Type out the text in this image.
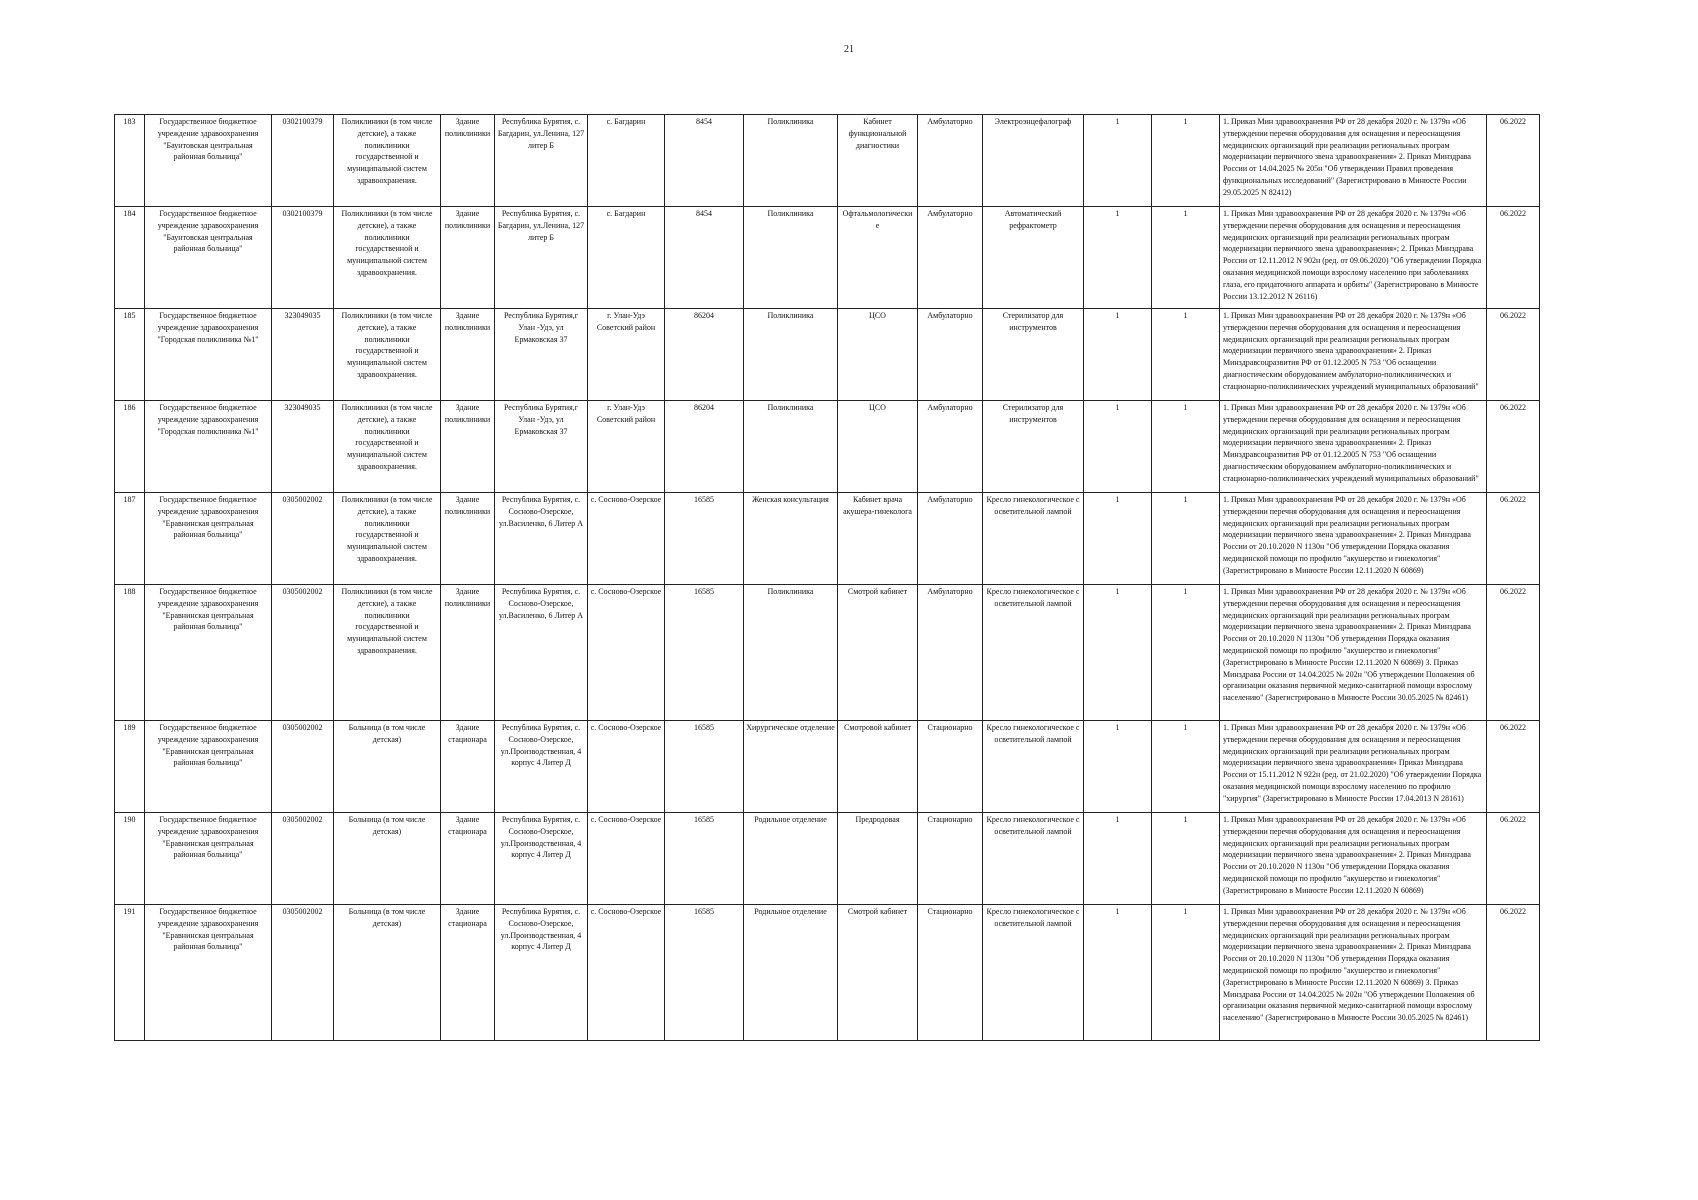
21
183	Государственное бюджетное учреждение здравоохранения "Баунтовская центральная районная больница"	0302100379	Поликлиники (в том числе детские), а также поликлиники государственной и муниципальной систем здравоохранения.	Здание поликлиники	Республика Бурятия, с. Багдарин, ул.Ленина, 127 литер Б	с. Багдарин	8454	Поликлиника	Кабинет функциональной диагностики	Амбулаторно	Электроэнцефалограф	1	1	1. Приказ Мин здравоохранения РФ от 28 декабря 2020 г. № 1379н «Об утверждении перечня оборудования для оснащения и переоснащения медицинских организаций при реализации региональных програм модернизации первичного звена здравоохранения» 2. Приказ Минздрава России от 14.04.2025 № 205н "Об утверждении Правил проведения функциональных исследований" (Зарегистрировано в Минюсте России 29.05.2025 N 82412)	06.2022
184	Государственное бюджетное учреждение здравоохранения "Баунтовская центральная районная больница"	0302100379	Поликлиники (в том числе детские), а также поликлиники государственной и муниципальной систем здравоохранения.	Здание поликлиники	Республика Бурятия, с. Багдарин, ул.Ленина, 127 литер Б	с. Багдарин	8454	Поликлиника	Офтальмологически е	Амбулаторно	Автоматический рефрактометр	1	1	1. Приказ Мин здравоохранения РФ от 28 декабря 2020 г. № 1379н «Об утверждении перечня оборудования для оснащения и переоснащения медицинских организаций при реализации региональных програм модернизации первичного звена здравоохранения»; 2. Приказ Минздрава России от 12.11.2012 N 902н (ред. от 09.06.2020) "Об утверждении Порядка оказания медицинской помощи взрослому населению при заболеваниях глаза, его придаточного аппарата и орбиты" (Зарегистрировано в Минюсте России 13.12.2012 N 26116)	06.2022
185	Государственное бюджетное учреждение здравоохранения "Городская поликлиника №1"	323049035	Поликлиники (в том числе детские), а также поликлиники государственной и муниципальной систем здравоохранения.	Здание поликлиники	Республика Бурятия,г Улан -Удэ, ул Ермаковская 37	г. Улан-Удэ Советский район	86204	Поликлиника	ЦСО	Амбулаторно	Стерилизатор для инструментов	1	1	1. Приказ Мин здравоохранения РФ от 28 декабря 2020 г. № 1379н «Об утверждении перечня оборудования для оснащения и переоснащения медицинских организаций при реализации региональных програм модернизации первичного звена здравоохранения» 2. Приказ Минздравсоцразвития РФ от 01.12.2005 N 753 "Об оснащении диагностическим оборудованием амбулаторно-поликлинических и стационарно-поликлинических учреждений муниципальных образований"	06.2022
186	Государственное бюджетное учреждение здравоохранения "Городская поликлиника №1"	323049035	Поликлиники (в том числе детские), а также поликлиники государственной и муниципальной систем здравоохранения.	Здание поликлиники	Республика Бурятия,г Улан -Удэ, ул Ермаковская 37	г. Улан-Удэ Советский район	86204	Поликлиника	ЦСО	Амбулаторно	Стерилизатор для инструментов	1	1	1. Приказ Мин здравоохранения РФ от 28 декабря 2020 г. № 1379н «Об утверждении перечня оборудования для оснащения и переоснащения медицинских организаций при реализации региональных програм модернизации первичного звена здравоохранения» 2. Приказ Минздравсоцразвития РФ от 01.12.2005 N 753 "Об оснащении диагностическим оборудованием амбулаторно-поликлинических и стационарно-поликлинических учреждений муниципальных образований"	06.2022
187	Государственное бюджетное учреждение здравоохранения "Еравнинская центральная районная больница"	0305002002	Поликлиники (в том числе детские), а также поликлиники государственной и муниципальной систем здравоохранения.	Здание поликлиники	Республика Бурятия, с. Сосново-Озерское, ул.Василенко, 6 Литер А	с. Сосново-Озерское	16585	Женская консультация	Кабинет врача акушера-гинеколога	Амбулаторно	Кресло гинекологическое с осветительной лампой	1	1	1. Приказ Мин здравоохранения РФ от 28 декабря 2020 г. № 1379н «Об утверждении перечня оборудования для оснащения и переоснащения медицинских организаций при реализации региональных програм модернизации первичного звена здравоохранения» 2. Приказ Минздрава России от 20.10.2020 N 1130н "Об утверждении Порядка оказания медицинской помощи по профилю "акушерство и гинекология" (Зарегистрировано в Минюсте России 12.11.2020 N 60869)	06.2022
188	Государственное бюджетное учреждение здравоохранения "Еравнинская центральная районная больница"	0305002002	Поликлиники (в том числе детские), а также поликлиники государственной и муниципальной систем здравоохранения.	Здание поликлиники	Республика Бурятия, с. Сосново-Озерское, ул.Василенко, 6 Литер А	с. Сосново-Озерское	16585	Поликлиника	Смотрой кабинет	Амбулаторно	Кресло гинекологическое с осветительной лампой	1	1	1. Приказ Мин здравоохранения РФ от 28 декабря 2020 г. № 1379н «Об утверждении перечня оборудования для оснащения и переоснащения медицинских организаций при реализации региональных програм модернизации первичного звена здравоохранения» 2. Приказ Минздрава России от 20.10.2020 N 1130н "Об утверждении Порядка оказания медицинской помощи по профилю "акушерство и гинекология" (Зарегистрировано в Минюсте России 12.11.2020 N 60869) 3. Приказ Минздрава России от 14.04.2025 № 202н "Об утверждении Положения об организации оказания первичной медико-санитарной помощи взрослому населению" (Зарегистрировано в Минюсте России 30.05.2025 № 82461)	06.2022
189	Государственное бюджетное учреждение здравоохранения "Еравнинская центральная районная больница"	0305002002	Больница (в том числе детская)	Здание стационара	Республика Бурятия, с. Сосново-Озерское, ул.Производственная, 4 корпус 4 Литер Д	с. Сосново-Озерское	16585	Хирургическое отделение	Смотровой кабинет	Стационарно	Кресло гинекологическое с осветительной лампой	1	1	1. Приказ Мин здравоохранения РФ от 28 декабря 2020 г. № 1379н «Об утверждении перечня оборудования для оснащения и переоснащения медицинских организаций при реализации региональных програм модернизации первичного звена здравоохранения» Приказ Минздрава России от 15.11.2012 N 922н (ред. от 21.02.2020) "Об утверждении Порядка оказания медицинской помощи взрослому населению по профилю "хирургия" (Зарегистрировано в Минюсте России 17.04.2013 N 28161)	06.2022
190	Государственное бюджетное учреждение здравоохранения "Еравнинская центральная районная больница"	0305002002	Больница (в том числе детская)	Здание стационара	Республика Бурятия, с. Сосново-Озерское, ул.Производственная, 4 корпус 4 Литер Д	с. Сосново-Озерское	16585	Родильное отделение	Предродовая	Стационарно	Кресло гинекологическое с осветительной лампой	1	1	1. Приказ Мин здравоохранения РФ от 28 декабря 2020 г. № 1379н «Об утверждении перечня оборудования для оснащения и переоснащения медицинских организаций при реализации региональных програм модернизации первичного звена здравоохранения» 2. Приказ Минздрава России от 20.10.2020 N 1130н "Об утверждении Порядка оказания медицинской помощи по профилю "акушерство и гинекология" (Зарегистрировано в Минюсте России 12.11.2020 N 60869)	06.2022
191	Государственное бюджетное учреждение здравоохранения "Еравнинская центральная районная больница"	0305002002	Больница (в том числе детская)	Здание стационара	Республика Бурятия, с. Сосново-Озерское, ул.Производственная, 4 корпус 4 Литер Д	с. Сосново-Озерское	16585	Родильное отделение	Смотрой кабинет	Стационарно	Кресло гинекологическое с осветительной лампой	1	1	1. Приказ Мин здравоохранения РФ от 28 декабря 2020 г. № 1379н «Об утверждении перечня оборудования для оснащения и переоснащения медицинских организаций при реализации региональных програм модернизации первичного звена здравоохранения» 2. Приказ Минздрава России от 20.10.2020 N 1130н "Об утверждении Порядка оказания медицинской помощи по профилю "акушерство и гинекология" (Зарегистрировано в Минюсте России 12.11.2020 N 60869) 3. Приказ Минздрава России от 14.04.2025 № 202н "Об утверждении Положения об организации оказания первичной медико-санитарной помощи взрослому населению" (Зарегистрировано в Минюсте России 30.05.2025 № 82461)	06.2022
